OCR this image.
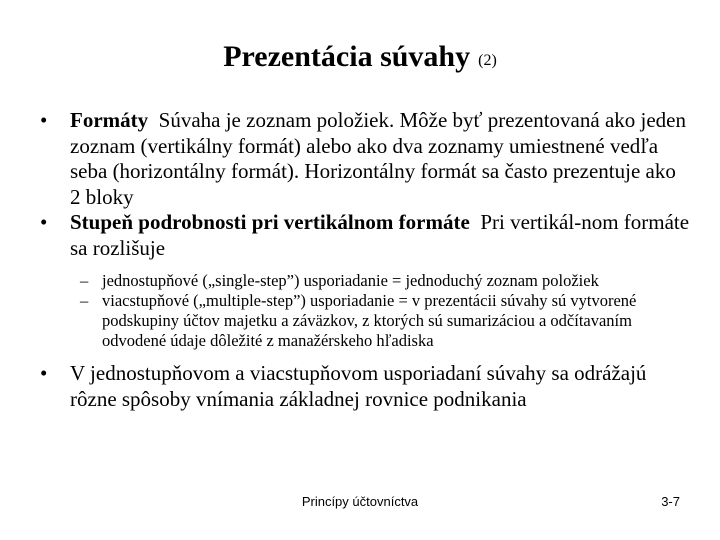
Prezentácia súvahy (2)
• Formáty Súvaha je zoznam položiek. Môže byť prezentovaná ako jeden zoznam (vertikálny formát) alebo ako dva zoznamy umiestnené vedľa seba (horizontálny formát). Horizontálny formát sa často prezentuje ako 2 bloky
• Stupeň podrobnosti pri vertikálnom formáte Pri vertikál-nom formáte sa rozlišuje
– jednostupňové („single-step”) usporiadanie = jednoduchý zoznam položiek
– viacstupňové („multiple-step”) usporiadanie = v prezentácii súvahy sú vytvorené podskupiny účtov majetku a záväzkov, z ktorých sú sumarizáciou a odčítavaním odvodené údaje dôležité z manažérskeho hľadiska
• V jednostupňovom a viacstupňovom usporiadaní súvahy sa odrážajú rôzne spôsoby vnímania základnej rovnice podnikania
Princípy účtovníctva	3-7
